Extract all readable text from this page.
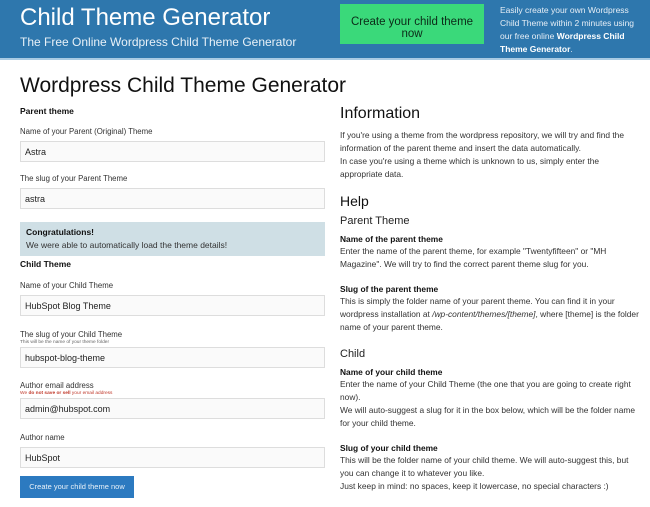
Child Theme Generator
The Free Online Wordpress Child Theme Generator
Create your child theme now
Easily create your own Wordpress Child Theme within 2 minutes using our free online Wordpress Child Theme Generator.
Wordpress Child Theme Generator
Parent theme
Name of your Parent (Original) Theme
Astra
The slug of your Parent Theme
astra
Congratulations!
We were able to automatically load the theme details!
Child Theme
Name of your Child Theme
HubSpot Blog Theme
The slug of your Child Theme
This will be the name of your theme folder
hubspot-blog-theme
Author email address
We do not save or sell your email address
admin@hubspot.com
Author name
HubSpot Create your child theme now
Information

If you're using a theme from the wordpress repository, we will try and find the information of the parent theme and insert the data automatically.

In case you're using a theme which is unknown to us, simply enter the appropriate data.

Help
Parent Theme
Name of the parent theme

Enter the name of the parent theme, for example "Twentyfifteen" or "MH Magazine". We will try to find the correct parent theme slug for you.

Slug of the parent theme

This is simply the folder name of your parent theme. You can find it in your wordpress installation at /wp-content/themes/[theme], where [theme] is the folder name of your parent theme.

Child
Name of your child theme

Enter the name of your Child Theme (the one that you are going to create right now).

We will auto-suggest a slug for it in the box below, which will be the folder name for your child theme.

Slug of your child theme

This will be the folder name of your child theme. We will auto-suggest this, but you can change it to whatever you like.

Just keep in mind: no spaces, keep it lowercase, no special characters :)
